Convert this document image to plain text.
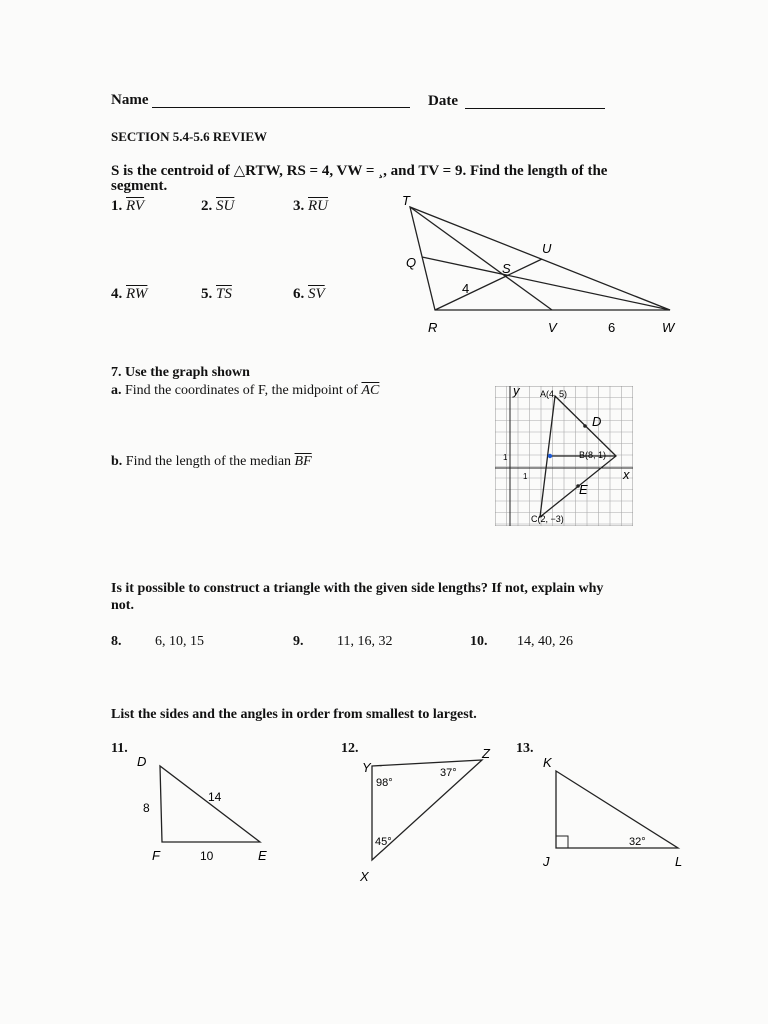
Name	Date
SECTION 5.4-5.6 REVIEW
S is the centroid of △RTW, RS = 4, VW = ¸, and TV = 9. Find the length of the
segment.
1. $\overline{RV}$	2. $\overline{SU}$	3. $\overline{RU}$
4. $\overline{RW}$	5. $\overline{TS}$	6. $\overline{SV}$
T
U
Q	S
R	V	W
4
6
7. Use the graph shown
a. Find the coordinates of F, the midpoint of $\overline{AC}$
b. Find the length of the median $\overline{BF}$
y
x
1
1
A(4, 5)
D
B(8, 1)
E
C(2, −3)
Is it possible to construct a triangle with the given side lengths? If not, explain why
not.
8. 6, 10, 15	9. 11, 16, 32	10. 14, 40, 26
List the sides and the angles in order from smallest to largest.
11.
D
F	E
8
14
10
12.
Y
Z
X
98°
37°
45°
13.
K
J	L
32°
